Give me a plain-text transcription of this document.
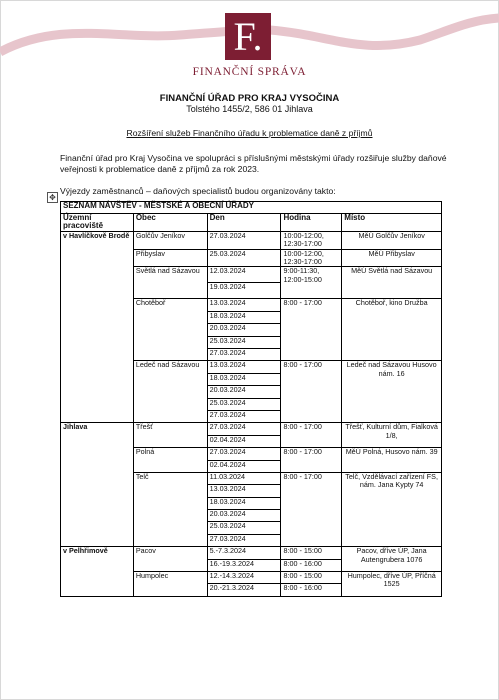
F.
FINANČNÍ SPRÁVA
FINANČNÍ ÚŘAD PRO KRAJ VYSOČINA
Tolstého 1455/2, 586 01 Jihlava
Rozšíření služeb Finančního úřadu k problematice daně z příjmů
Finanční úřad pro Kraj Vysočina ve spolupráci s příslušnými městskými úřady rozšiřuje služby daňové veřejnosti k problematice daně z příjmů za rok 2023.
Výjezdy zaměstnanců – daňových specialistů budou organizovány takto:
✥
SEZNAM NÁVŠTĚV - MĚSTSKÉ A OBECNÍ ÚŘADY				
Územní pracoviště	Obec	Den	Hodina	Místo
v Havlíčkově Brodě	Golčův Jeníkov	27.03.2024	10:00-12:00, 12:30-17:00	MěÚ Golčův Jeníkov
	Přibyslav	25.03.2024	10:00-12:00, 12:30-17:00	MěÚ Přibyslav
	Světlá nad Sázavou	12.03.2024	9:00-11:30, 12:00-15:00	MěÚ Světlá nad Sázavou
		19.03.2024		
	Chotěboř	13.03.2024	8:00 - 17:00	Chotěboř, kino Družba
		18.03.2024		
		20.03.2024		
		25.03.2024		
		27.03.2024		
	Ledeč nad Sázavou	13.03.2024	8:00 - 17:00	Ledeč nad Sázavou Husovo nám. 16
		18.03.2024		
		20.03.2024		
		25.03.2024		
		27.03.2024		
Jihlava	Třešť	27.03.2024	8:00 - 17:00	Třešť, Kulturní dům, Fialková 1/8,
		02.04.2024		
	Polná	27.03.2024	8:00 - 17:00	MěÚ Polná, Husovo nám. 39
		02.04.2024		
	Telč	11.03.2024	8:00 - 17:00	Telč, Vzdělávací zařízení FS, nám. Jana Kypty 74
		13.03.2024		
		18.03.2024		
		20.03.2024		
		25.03.2024		
		27.03.2024		
v Pelhřimově	Pacov	5.-7.3.2024	8:00 - 15:00	Pacov, dříve ÚP, Jana Autengrubera 1076
		16.-19.3.2024	8:00 - 16:00	
	Humpolec	12.-14.3.2024	8:00 - 15:00	Humpolec, dříve ÚP, Příčná 1525
		20.-21.3.2024	8:00 - 16:00	
